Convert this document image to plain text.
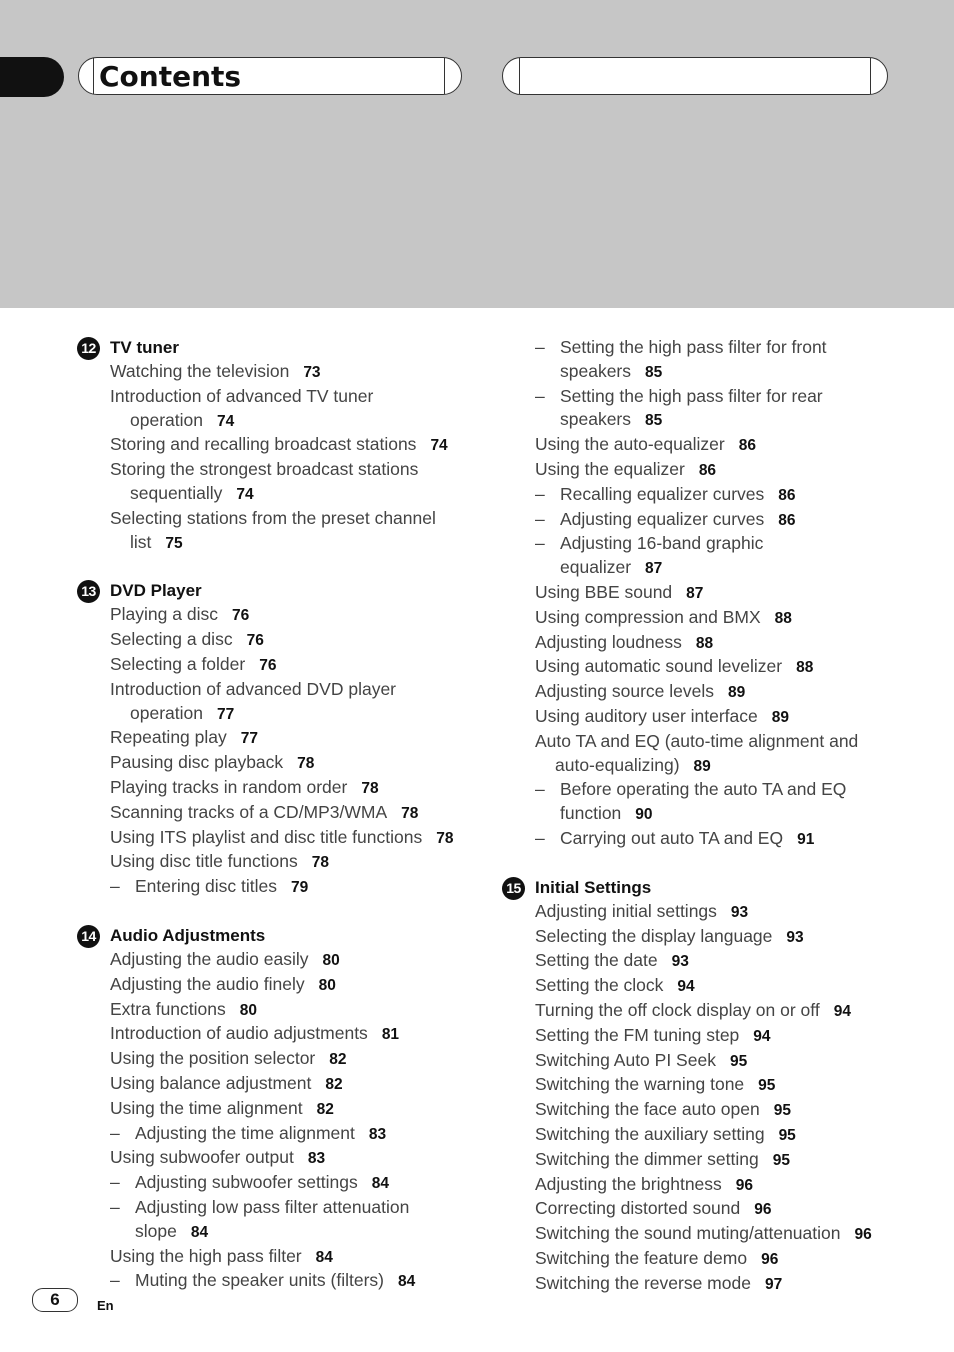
Contents
12 TV tuner
Watching the television 73
Introduction of advanced TV tuner
operation 74
Storing and recalling broadcast stations 74
Storing the strongest broadcast stations
sequentially 74
Selecting stations from the preset channel
list 75
13 DVD Player
Playing a disc 76
Selecting a disc 76
Selecting a folder 76
Introduction of advanced DVD player
operation 77
Repeating play 77
Pausing disc playback 78
Playing tracks in random order 78
Scanning tracks of a CD/MP3/WMA 78
Using ITS playlist and disc title functions 78
Using disc title functions 78
– Entering disc titles 79
14 Audio Adjustments
Adjusting the audio easily 80
Adjusting the audio finely 80
Extra functions 80
Introduction of audio adjustments 81
Using the position selector 82
Using balance adjustment 82
Using the time alignment 82
– Adjusting the time alignment 83
Using subwoofer output 83
– Adjusting subwoofer settings 84
– Adjusting low pass filter attenuation
slope 84
Using the high pass filter 84
– Muting the speaker units (filters) 84
– Setting the high pass filter for front
speakers 85
– Setting the high pass filter for rear
speakers 85
Using the auto-equalizer 86
Using the equalizer 86
– Recalling equalizer curves 86
– Adjusting equalizer curves 86
– Adjusting 16-band graphic
equalizer 87
Using BBE sound 87
Using compression and BMX 88
Adjusting loudness 88
Using automatic sound levelizer 88
Adjusting source levels 89
Using auditory user interface 89
Auto TA and EQ (auto-time alignment and
auto-equalizing) 89
– Before operating the auto TA and EQ
function 90
– Carrying out auto TA and EQ 91
15 Initial Settings
Adjusting initial settings 93
Selecting the display language 93
Setting the date 93
Setting the clock 94
Turning the off clock display on or off 94
Setting the FM tuning step 94
Switching Auto PI Seek 95
Switching the warning tone 95
Switching the face auto open 95
Switching the auxiliary setting 95
Switching the dimmer setting 95
Adjusting the brightness 96
Correcting distorted sound 96
Switching the sound muting/attenuation 96
Switching the feature demo 96
Switching the reverse mode 97
6	En
